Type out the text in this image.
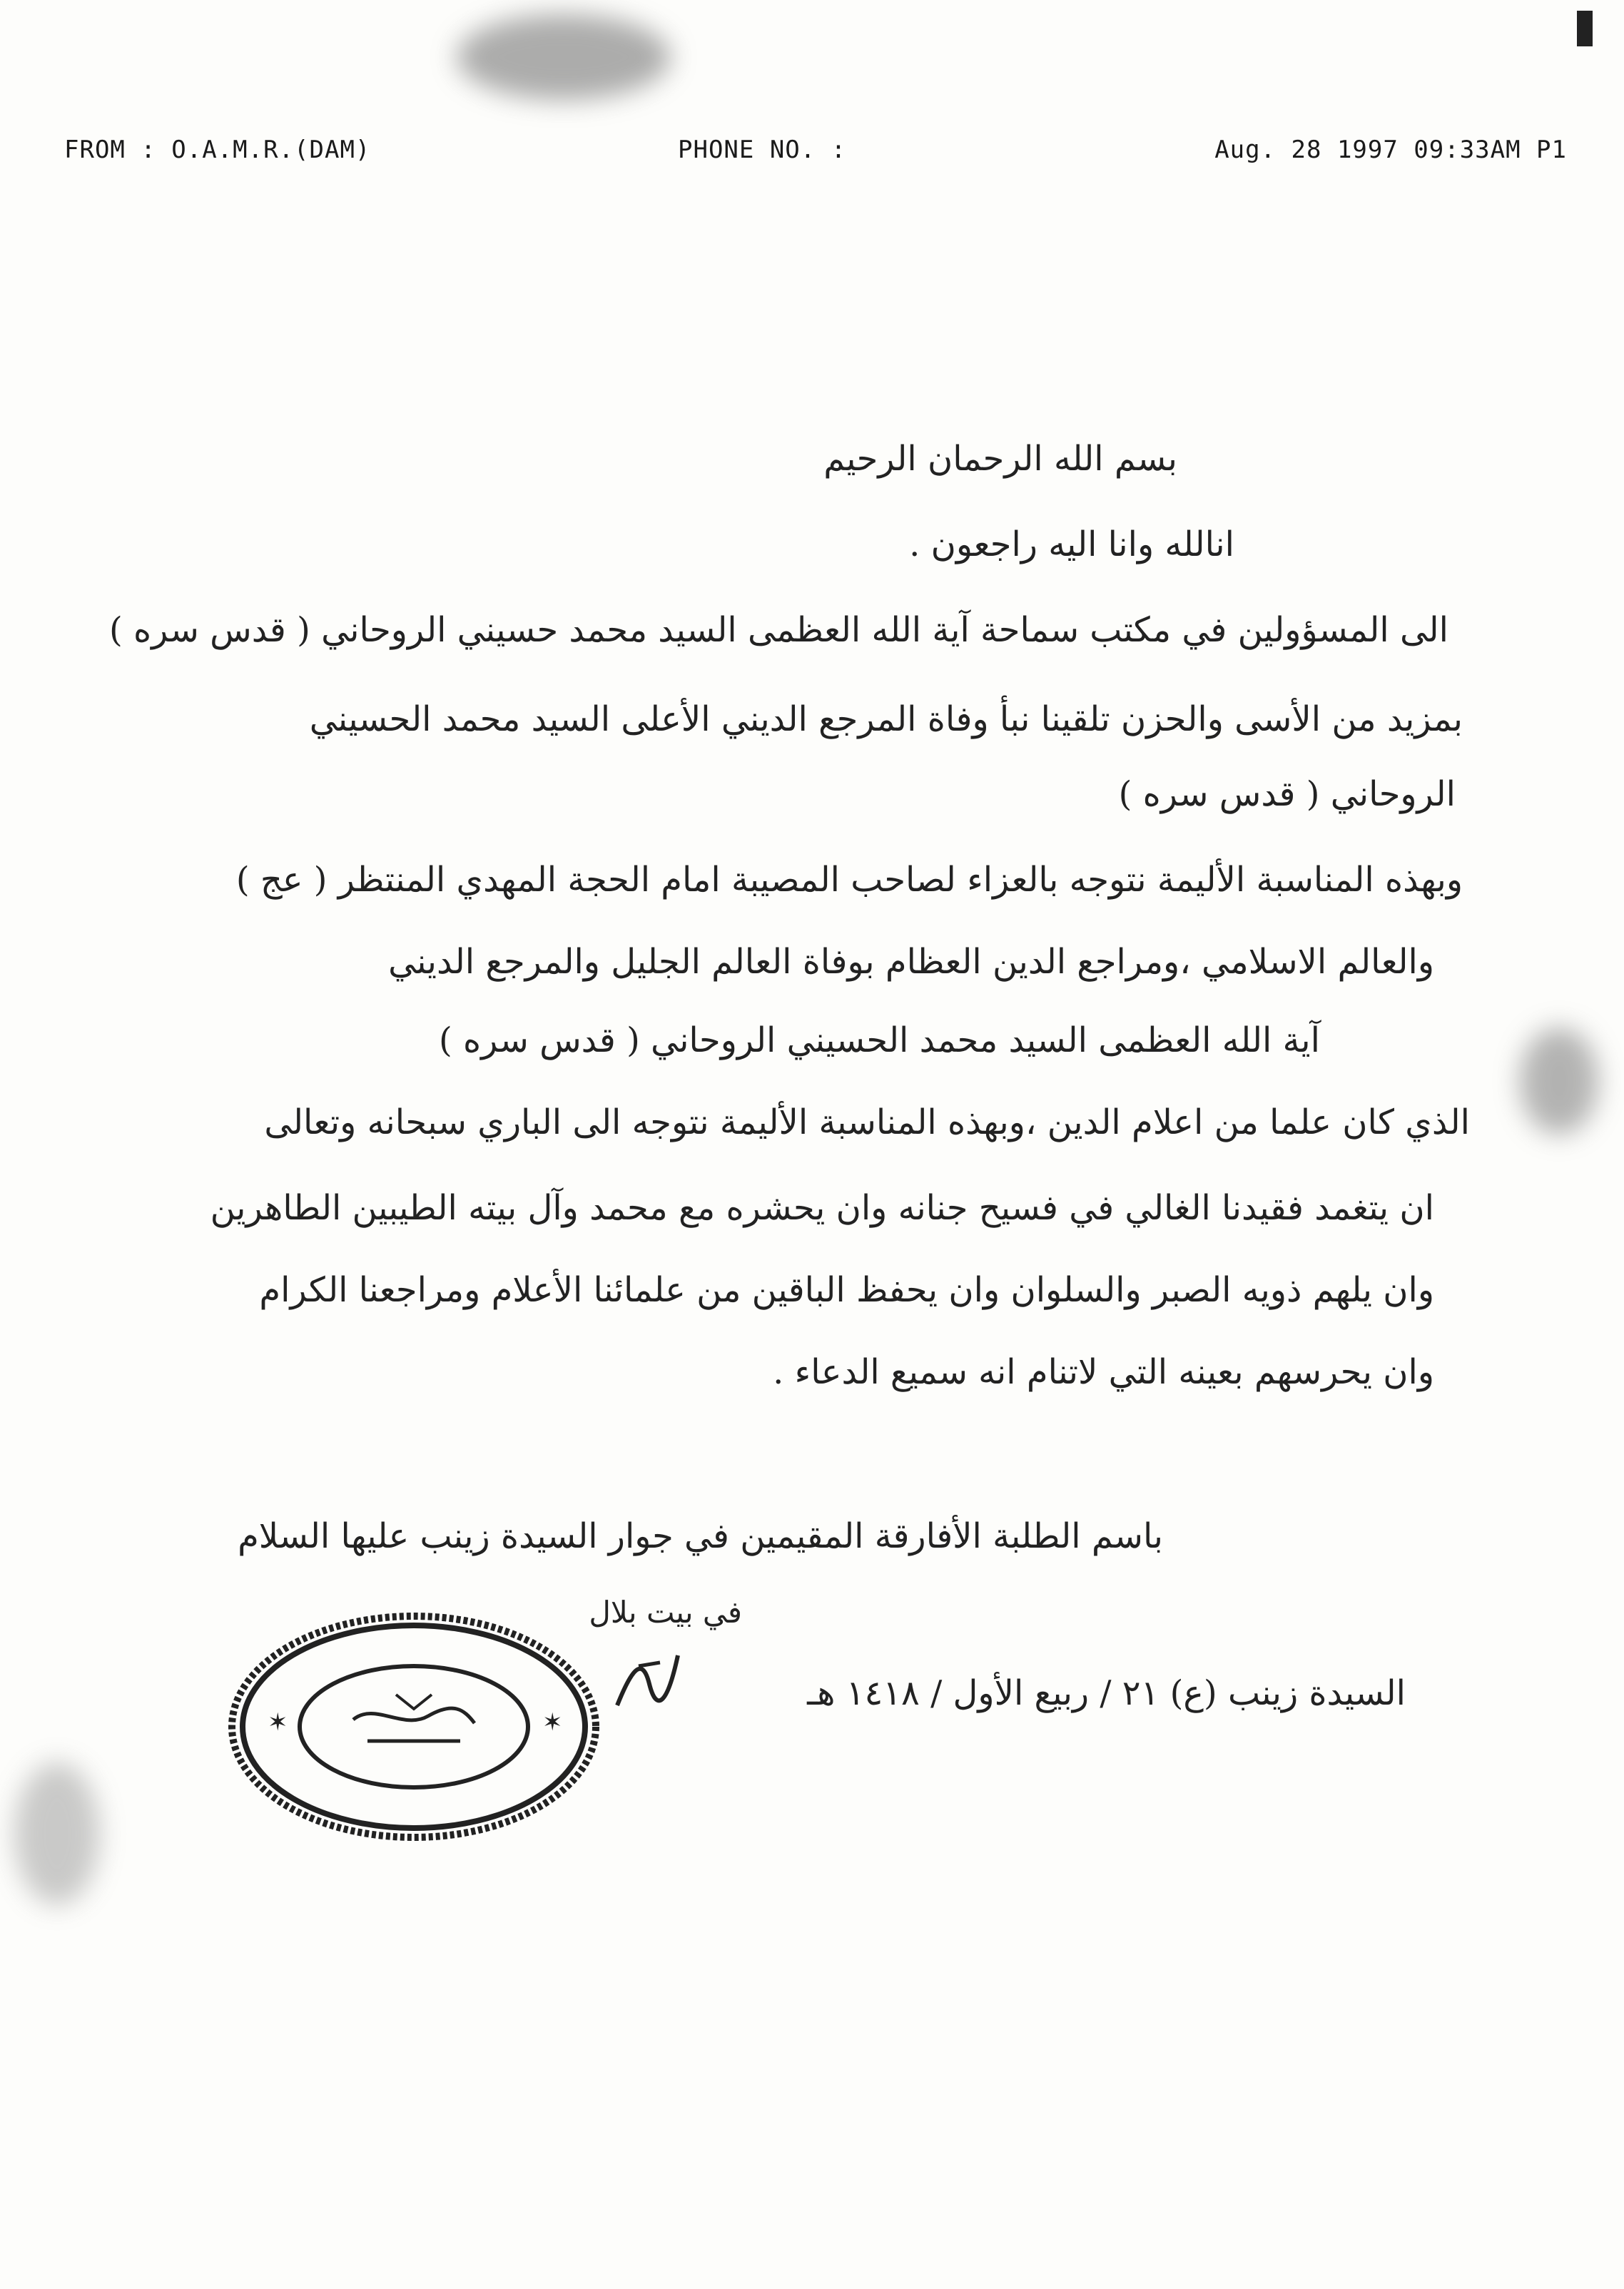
FROM : O.A.M.R.(DAM)	PHONE NO. :	Aug. 28 1997 09:33AM P1
بسم الله الرحمان الرحيم
انالله وانا اليه راجعون .
الى المسؤولين في مكتب سماحة آية الله العظمى السيد محمد حسيني الروحاني ( قدس سره )
بمزيد من الأسى والحزن تلقينا نبأ وفاة المرجع الديني الأعلى السيد محمد الحسيني
الروحاني ( قدس سره )
وبهذه المناسبة الأليمة نتوجه بالعزاء لصاحب المصيبة امام الحجة المهدي المنتظر ( عج )
والعالم الاسلامي ،ومراجع الدين العظام بوفاة العالم الجليل والمرجع الديني
آية الله العظمى السيد محمد الحسيني الروحاني ( قدس سره )
الذي كان علما من اعلام الدين ،وبهذه المناسبة الأليمة نتوجه الى الباري سبحانه وتعالى
ان يتغمد فقيدنا الغالي في فسيح جنانه وان يحشره مع محمد وآل بيته الطيبين الطاهرين
وان يلهم ذويه الصبر والسلوان وان يحفظ الباقين من علمائنا الأعلام ومراجعنا الكرام
وان يحرسهم بعينه التي لاتنام انه سميع الدعاء .
باسم الطلبة الأفارقة المقيمين في جوار السيدة زينب عليها السلام
في بيت بلال
السيدة زينب (ع) ٢١ / ربيع الأول / ١٤١٨ هـ
✶	✶
